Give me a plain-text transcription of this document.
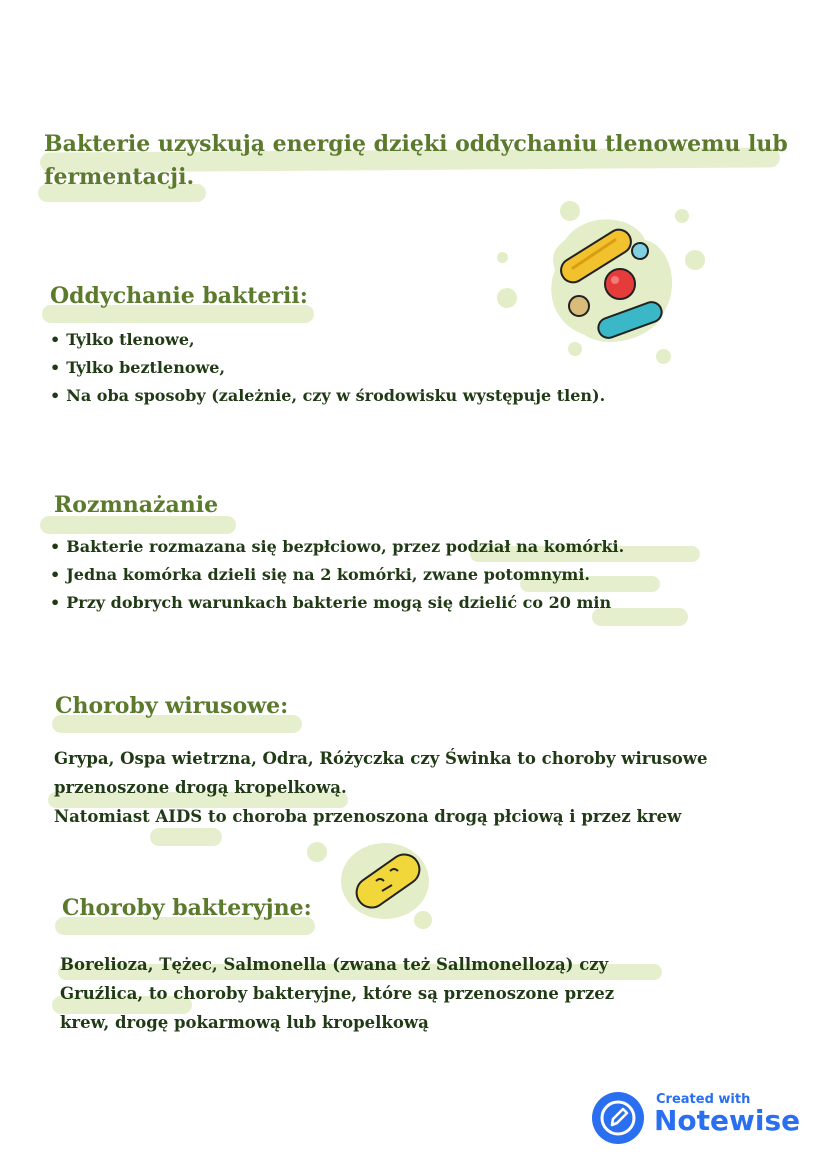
Bakterie uzyskują energię dzięki oddychaniu tlenowemu lub
fermentacji.

Oddychanie bakterii:
• Tylko tlenowe,
• Tylko beztlenowe,
• Na oba sposoby (zależnie, czy w środowisku występuje tlen).
Rozmnażanie
• Bakterie rozmazana się bezpłciowo, przez podział na komórki.
• Jedna komórka dzieli się na 2 komórki, zwane potomnymi.
• Przy dobrych warunkach bakterie mogą się dzielić co 20 min
Choroby wirusowe:

Grypa, Ospa wietrzna, Odra, Różyczka czy Świnka to choroby wirusowe
przenoszone drogą kropelkową.
Natomiast AIDS to choroba przenoszona drogą płciową i przez krew

Choroby bakteryjne:

Borelioza, Tężec, Salmonella (zwana też Sallmonellozą) czy
Gruźlica, to choroby bakteryjne, które są przenoszone przez
krew, drogę pokarmową lub kropelkową

Created with
Notewise
